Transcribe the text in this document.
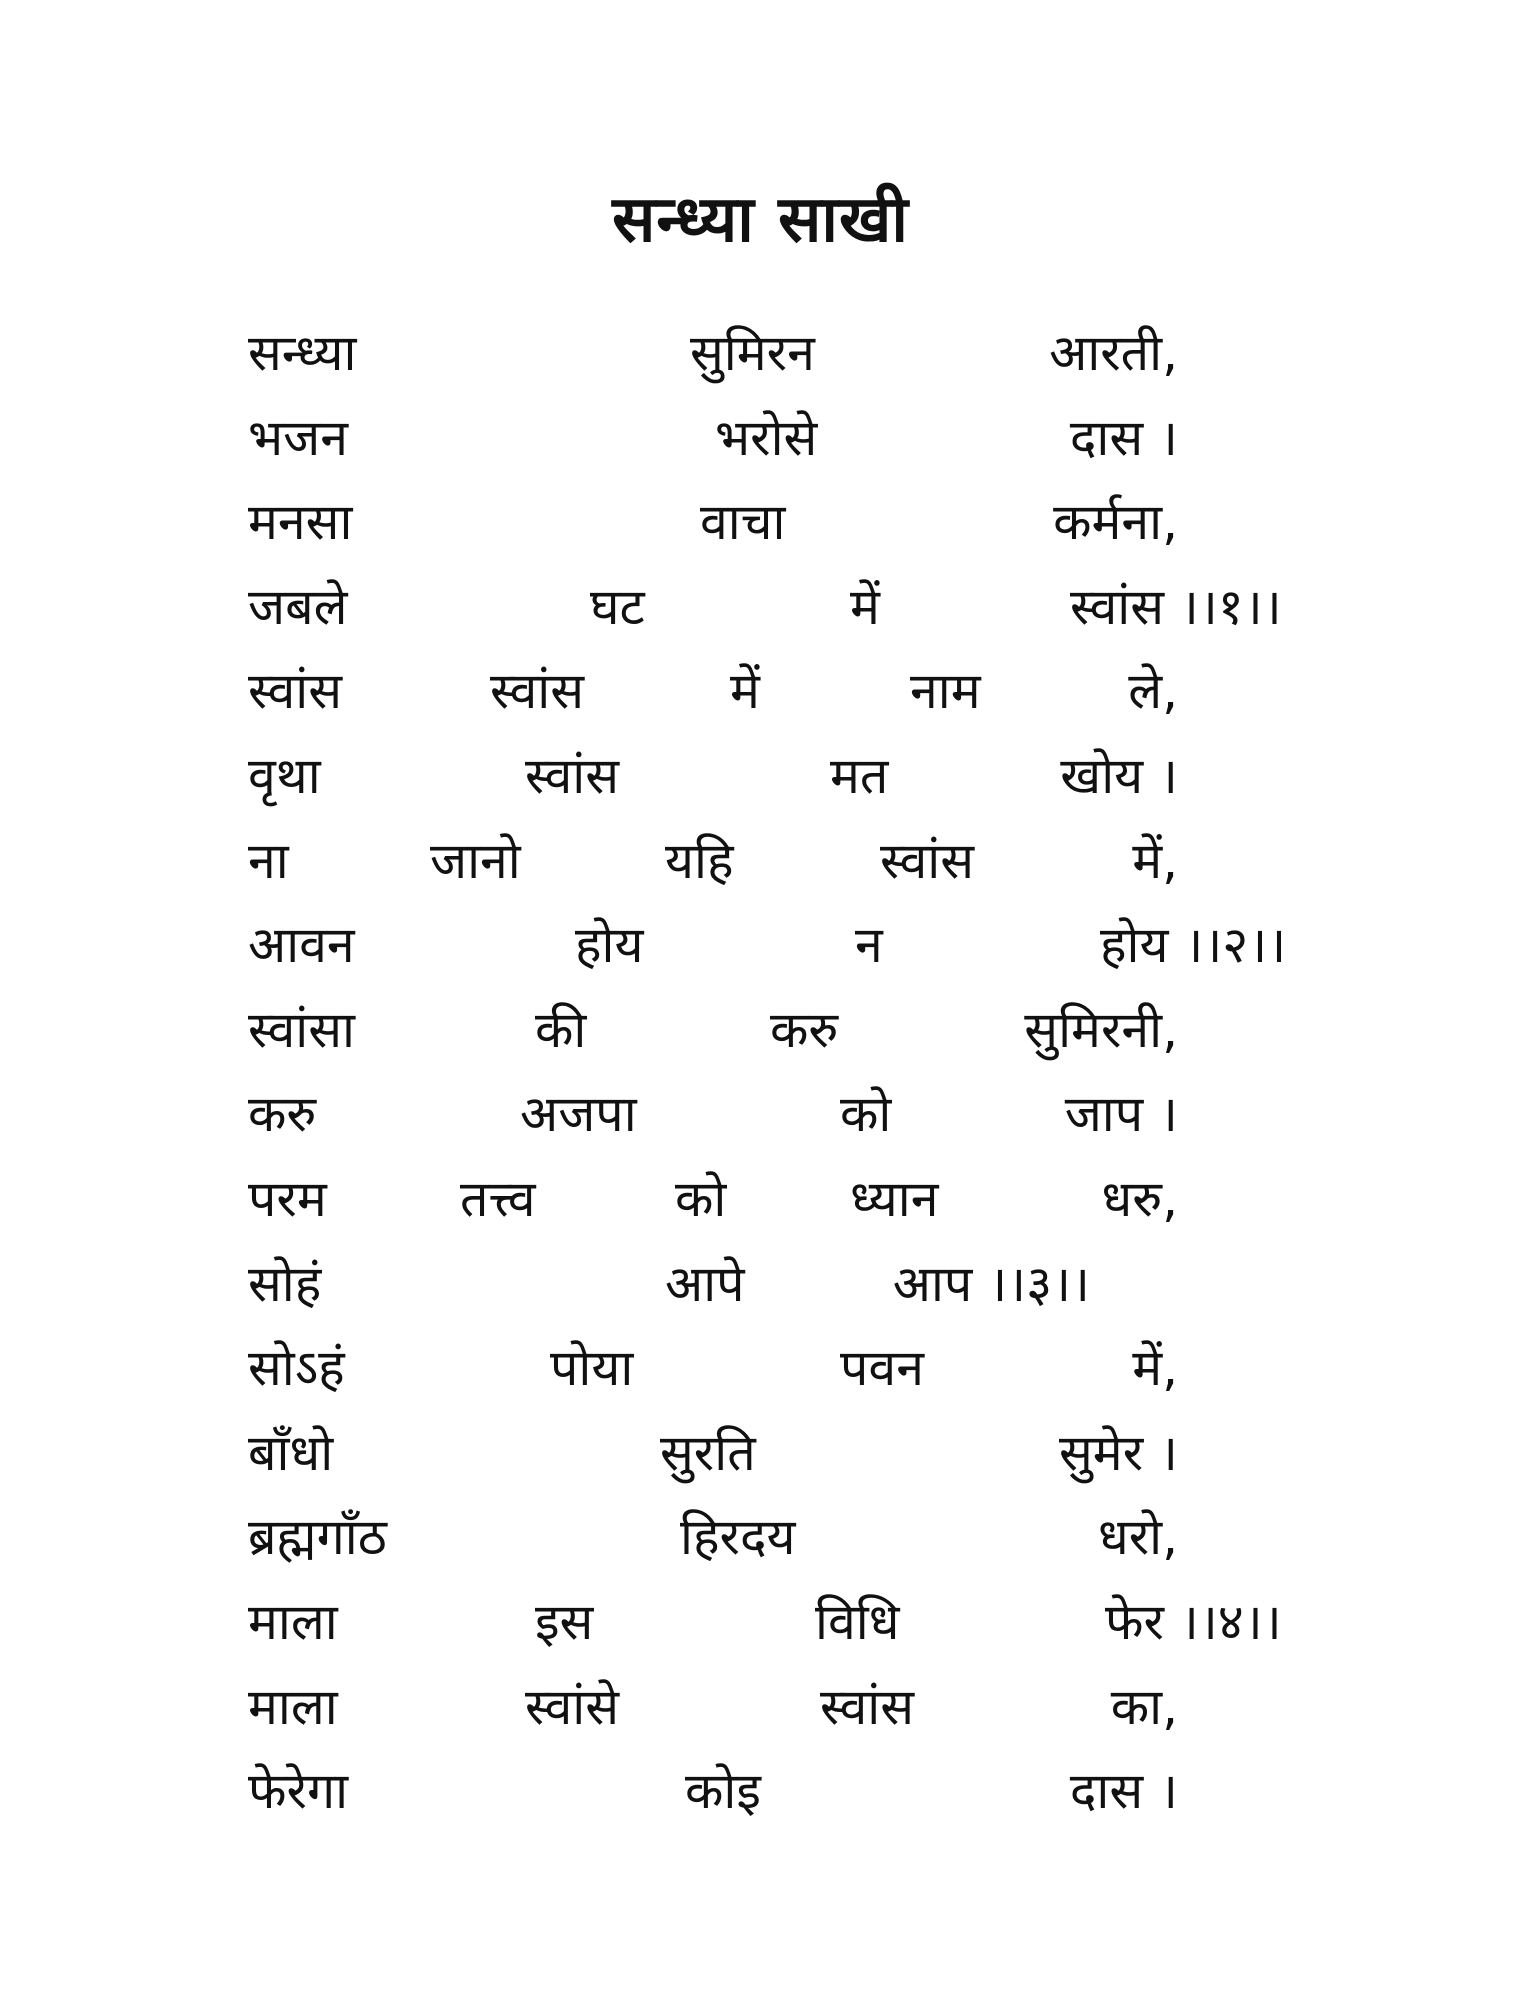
सन्ध्या साखी
सन्ध्या	सुमिरन	आरती,
भजन	भरोसे	दास ।
मनसा	वाचा	कर्मना,
जबले	घट	में	स्वांस ।।१।।
स्वांस	स्वांस	में	नाम	ले,
वृथा	स्वांस	मत	खोय ।
ना	जानो	यहि	स्वांस	में,
आवन	होय	न	होय ।।२।।
स्वांसा	की	करु	सुमिरनी,
करु	अजपा	को	जाप ।
परम	तत्त्व	को ध्यान	धरु,
सोहं	आपे	आप ।।३।।
सोऽहं	पोया	पवन	में,
बाँधो	सुरति	सुमेर ।
ब्रह्मगाँठ	हिरदय	धरो,
माला	इस	विधि	फेर ।।४।।
माला	स्वांसे	स्वांस	का,
फेरेगा	कोइ	दास ।
